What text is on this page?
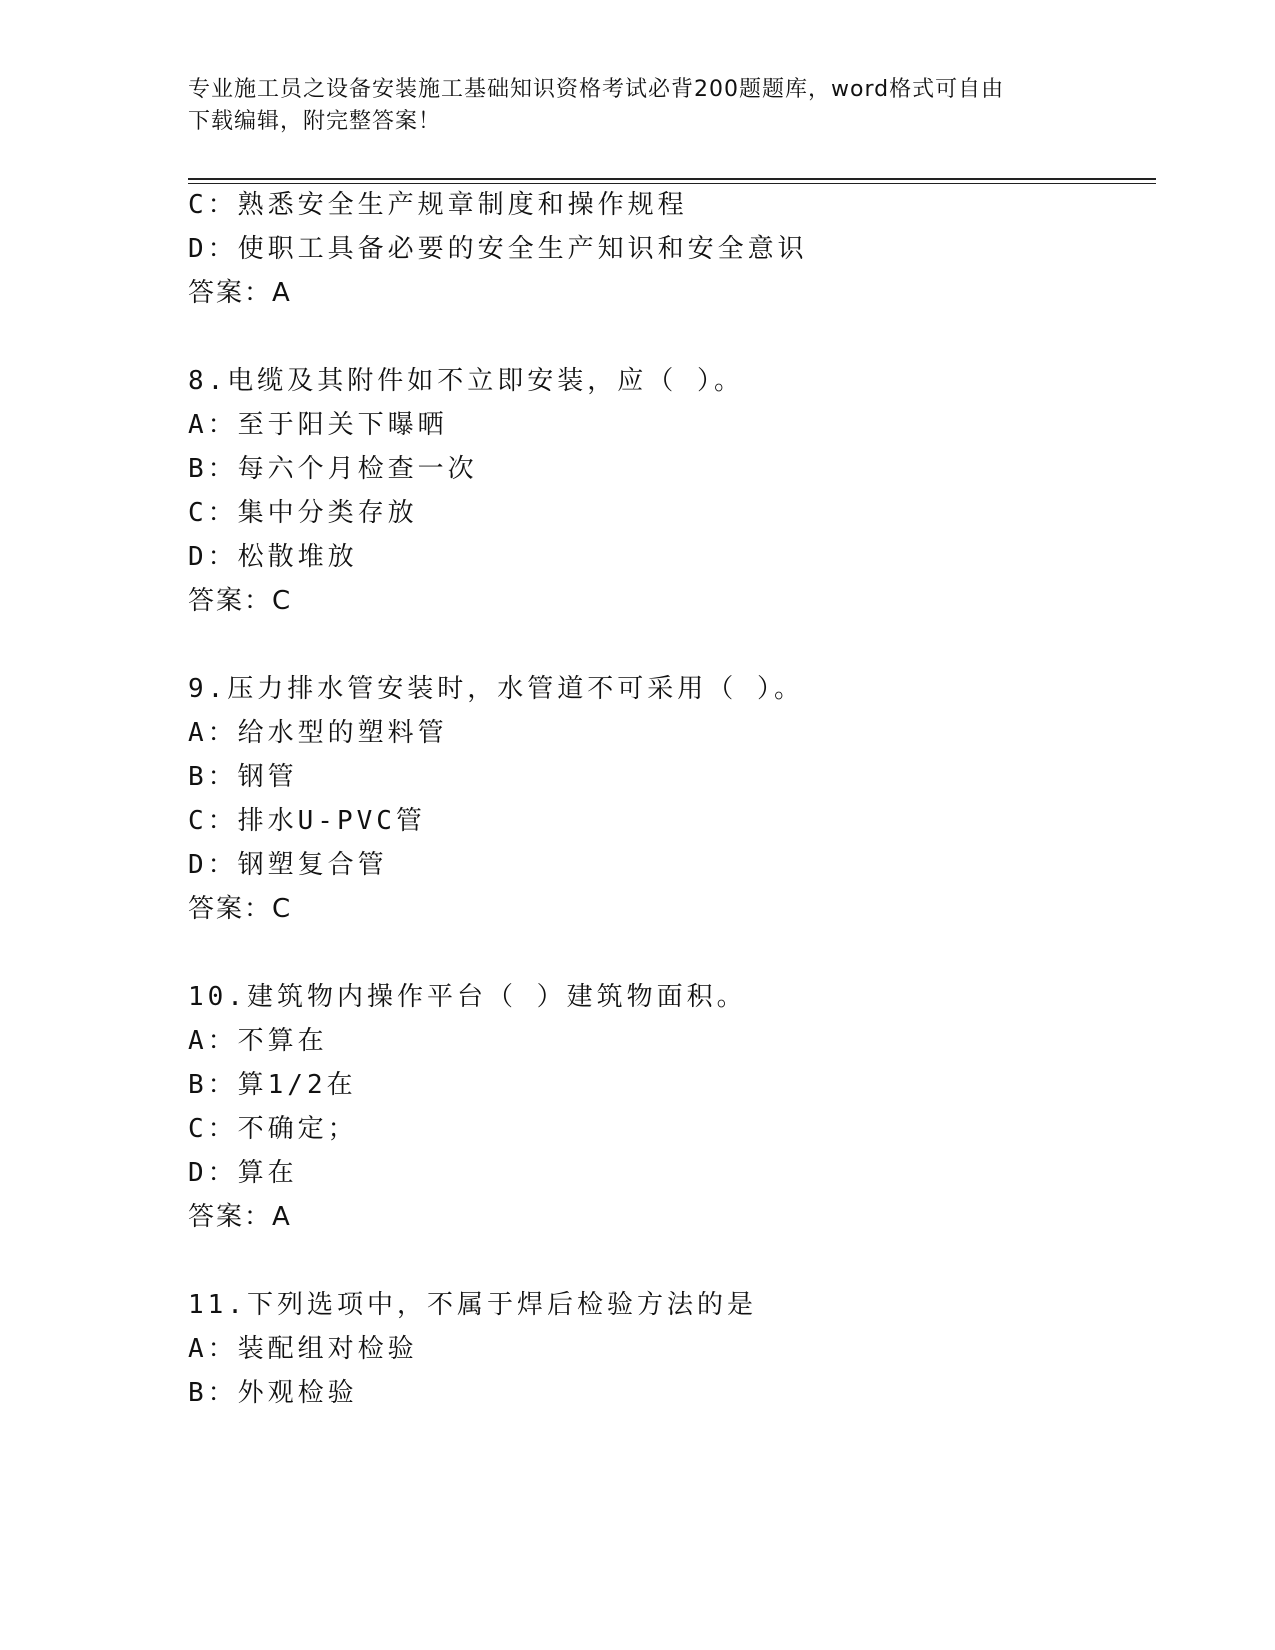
专业施工员之设备安装施工基础知识资格考试必背200题题库，word格式可自由
下载编辑，附完整答案！
C：熟悉安全生产规章制度和操作规程
D：使职工具备必要的安全生产知识和安全意识
答案：A
8.电缆及其附件如不立即安装，应（ ）。
A：至于阳关下曝晒
B：每六个月检查一次
C：集中分类存放
D：松散堆放
答案：C
9.压力排水管安装时，水管道不可采用（ ）。
A：给水型的塑料管
B：钢管
C：排水U-PVC管
D：钢塑复合管
答案：C
10.建筑物内操作平台（ ）建筑物面积。
A：不算在
B：算1/2在
C：不确定；
D：算在
答案：A
11.下列选项中，不属于焊后检验方法的是
A：装配组对检验
B：外观检验
